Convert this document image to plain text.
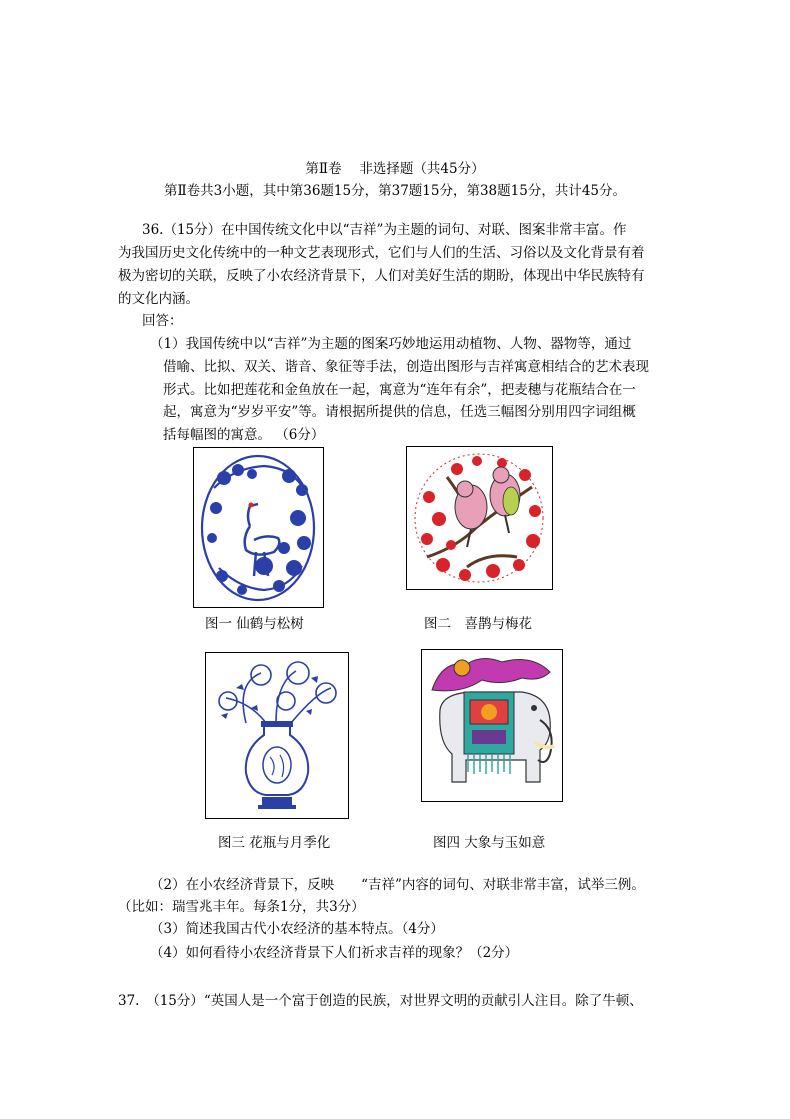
第Ⅱ卷　 非选择题（共45分）
第Ⅱ卷共3小题，其中第36题15分，第37题15分，第38题15分，共计45分。
36.（15分）在中国传统文化中以“吉祥”为主题的词句、对联、图案非常丰富。作
为我国历史文化传统中的一种文艺表现形式，它们与人们的生活、习俗以及文化背景有着
极为密切的关联，反映了小农经济背景下，人们对美好生活的期盼，体现出中华民族特有
的文化内涵。
回答：
（1）我国传统中以“吉祥”为主题的图案巧妙地运用动植物、人物、器物等，通过
借喻、比拟、双关、谐音、象征等手法，创造出图形与吉祥寓意相结合的艺术表现
形式。比如把莲花和金鱼放在一起，寓意为“连年有余”，把麦穗与花瓶结合在一
起，寓意为“岁岁平安”等。请根据所提供的信息，任选三幅图分别用四字词组概
括每幅图的寓意。 （6分）
图一 仙鹤与松树	图二　喜鹊与梅花
图三 花瓶与月季化	图四 大象与玉如意
（2）在小农经济背景下，反映　　“吉祥”内容的词句、对联非常丰富，试举三例。
（比如：瑞雪兆丰年。每条1分，共3分）
（3）简述我国古代小农经济的基本特点。（4分）
（4）如何看待小农经济背景下人们祈求吉祥的现象？（2分）
37.　（15分）“英国人是一个富于创造的民族，对世界文明的贡献引人注目。除了牛顿、
